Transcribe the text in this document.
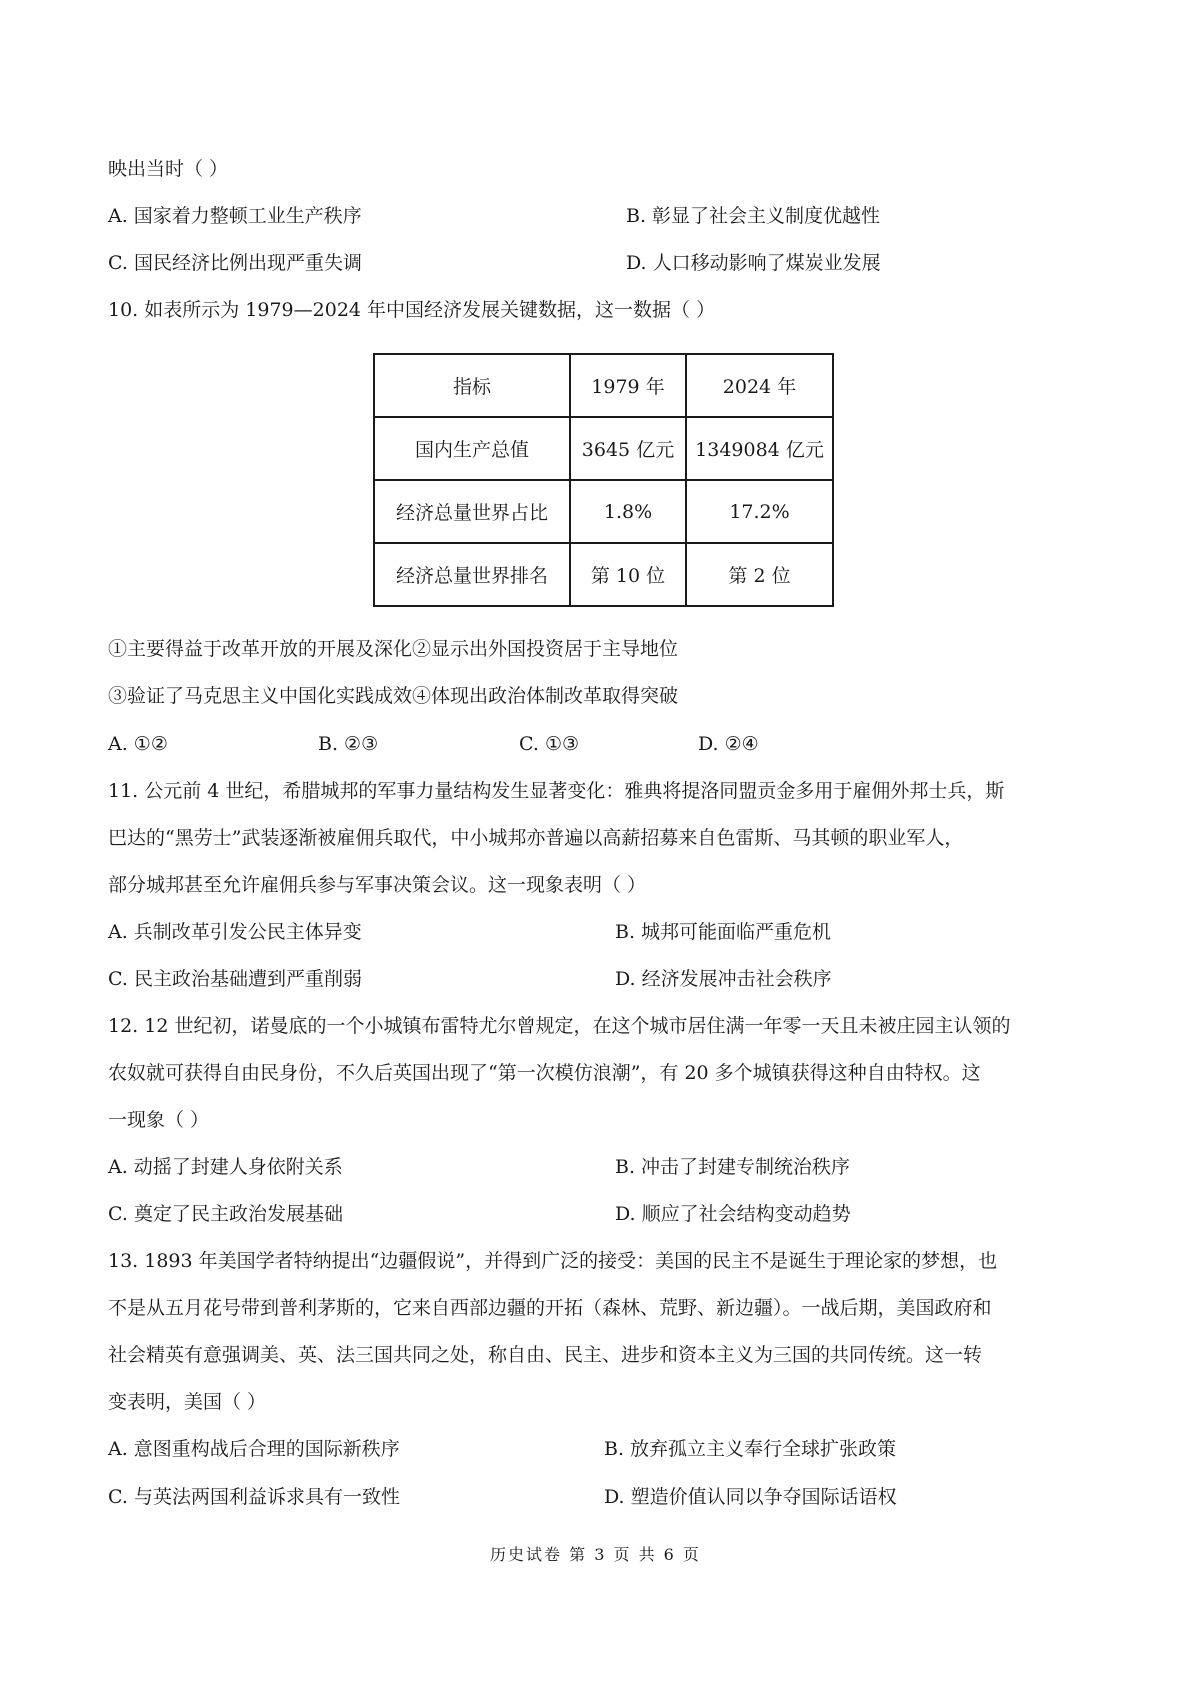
映出当时（ ）
A. 国家着力整顿工业生产秩序	B. 彰显了社会主义制度优越性
C. 国民经济比例出现严重失调	D. 人口移动影响了煤炭业发展
10. 如表所示为 1979—2024 年中国经济发展关键数据，这一数据（ ）
指标	1979 年	2024 年
国内生产总值	3645 亿元	1349084 亿元
经济总量世界占比	1.8%	17.2%
经济总量世界排名	第 10 位	第 2 位
①主要得益于改革开放的开展及深化②显示出外国投资居于主导地位
③验证了马克思主义中国化实践成效④体现出政治体制改革取得突破
A. ①②	B. ②③	C. ①③	D. ②④
11. 公元前 4 世纪，希腊城邦的军事力量结构发生显著变化：雅典将提洛同盟贡金多用于雇佣外邦士兵，斯
巴达的“黑劳士”武装逐渐被雇佣兵取代，中小城邦亦普遍以高薪招募来自色雷斯、马其顿的职业军人，
部分城邦甚至允许雇佣兵参与军事决策会议。这一现象表明（ ）
A. 兵制改革引发公民主体异变	B. 城邦可能面临严重危机
C. 民主政治基础遭到严重削弱	D. 经济发展冲击社会秩序
12. 12 世纪初，诺曼底的一个小城镇布雷特尤尔曾规定，在这个城市居住满一年零一天且未被庄园主认领的
农奴就可获得自由民身份，不久后英国出现了“第一次模仿浪潮”，有 20 多个城镇获得这种自由特权。这
一现象（ ）
A. 动摇了封建人身依附关系	B. 冲击了封建专制统治秩序
C. 奠定了民主政治发展基础	D. 顺应了社会结构变动趋势
13. 1893 年美国学者特纳提出“边疆假说”，并得到广泛的接受：美国的民主不是诞生于理论家的梦想，也
不是从五月花号带到普利茅斯的，它来自西部边疆的开拓（森林、荒野、新边疆）。一战后期，美国政府和
社会精英有意强调美、英、法三国共同之处，称自由、民主、进步和资本主义为三国的共同传统。这一转
变表明，美国（ ）
A. 意图重构战后合理的国际新秩序	B. 放弃孤立主义奉行全球扩张政策
C. 与英法两国利益诉求具有一致性	D. 塑造价值认同以争夺国际话语权
历史试卷 第 3 页 共 6 页
